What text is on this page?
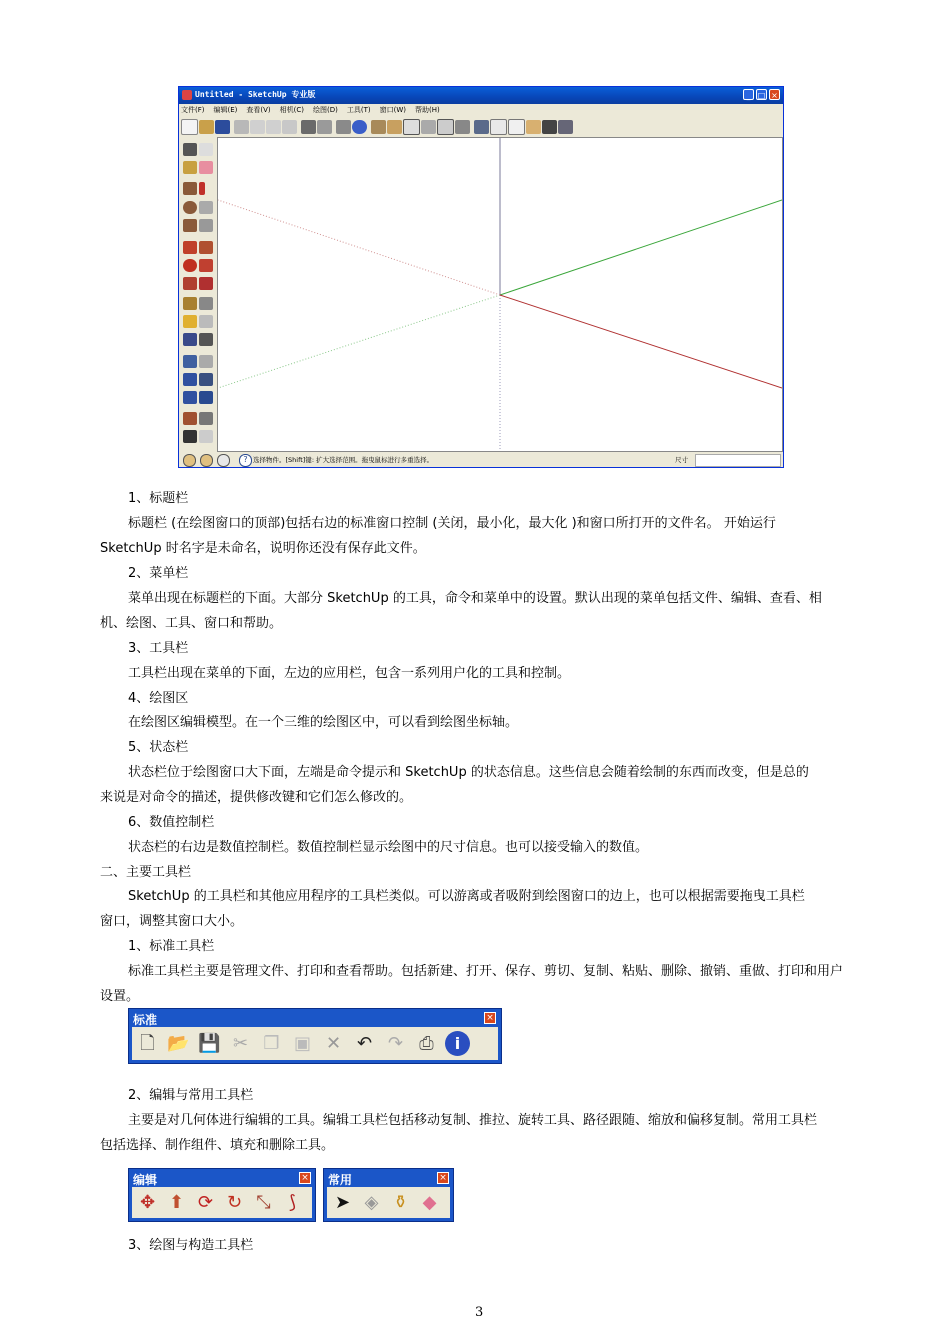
Untitled - SketchUp 专业版	_ □ ×
文件(F) 编辑(E) 查看(V) 相机(C) 绘图(D) 工具(T) 窗口(W) 帮助(H)
? 选择物件。[Shift]键: 扩大选择范围。拖曳鼠标进行多重选择。	尺寸
1、标题栏
标题栏 (在绘图窗口的顶部)包括右边的标准窗口控制 (关闭，最小化，最大化 )和窗口所打开的文件名。 开始运行
SketchUp 时名字是未命名，说明你还没有保存此文件。
2、菜单栏
菜单出现在标题栏的下面。大部分 SketchUp 的工具，命令和菜单中的设置。默认出现的菜单包括文件、编辑、查看、相
机、绘图、工具、窗口和帮助。
3、工具栏
工具栏出现在菜单的下面，左边的应用栏，包含一系列用户化的工具和控制。
4、绘图区
在绘图区编辑模型。在一个三维的绘图区中，可以看到绘图坐标轴。
5、状态栏
状态栏位于绘图窗口大下面，左端是命令提示和 SketchUp 的状态信息。这些信息会随着绘制的东西而改变，但是总的
来说是对命令的描述，提供修改键和它们怎么修改的。
6、数值控制栏
状态栏的右边是数值控制栏。数值控制栏显示绘图中的尺寸信息。也可以接受输入的数值。
二、主要工具栏
SketchUp 的工具栏和其他应用程序的工具栏类似。可以游离或者吸附到绘图窗口的边上，也可以根据需要拖曳工具栏
窗口，调整其窗口大小。
1、标准工具栏
标准工具栏主要是管理文件、打印和查看帮助。包括新建、打开、保存、剪切、复制、粘贴、删除、撤销、重做、打印和用户
设置。
标准	×
🗋 📂 💾 ✂ ❐ ▣ ✕ ↶ ↷ ⎙	i
2、编辑与常用工具栏
主要是对几何体进行编辑的工具。编辑工具栏包括移动复制、推拉、旋转工具、路径跟随、缩放和偏移复制。常用工具栏
包括选择、制作组件、填充和删除工具。
编辑	×
✥ ⬆ ⟳ ↻ ⤡	⟆
常用	×
➤ ◈ ⚱ ◆
3、绘图与构造工具栏
3
